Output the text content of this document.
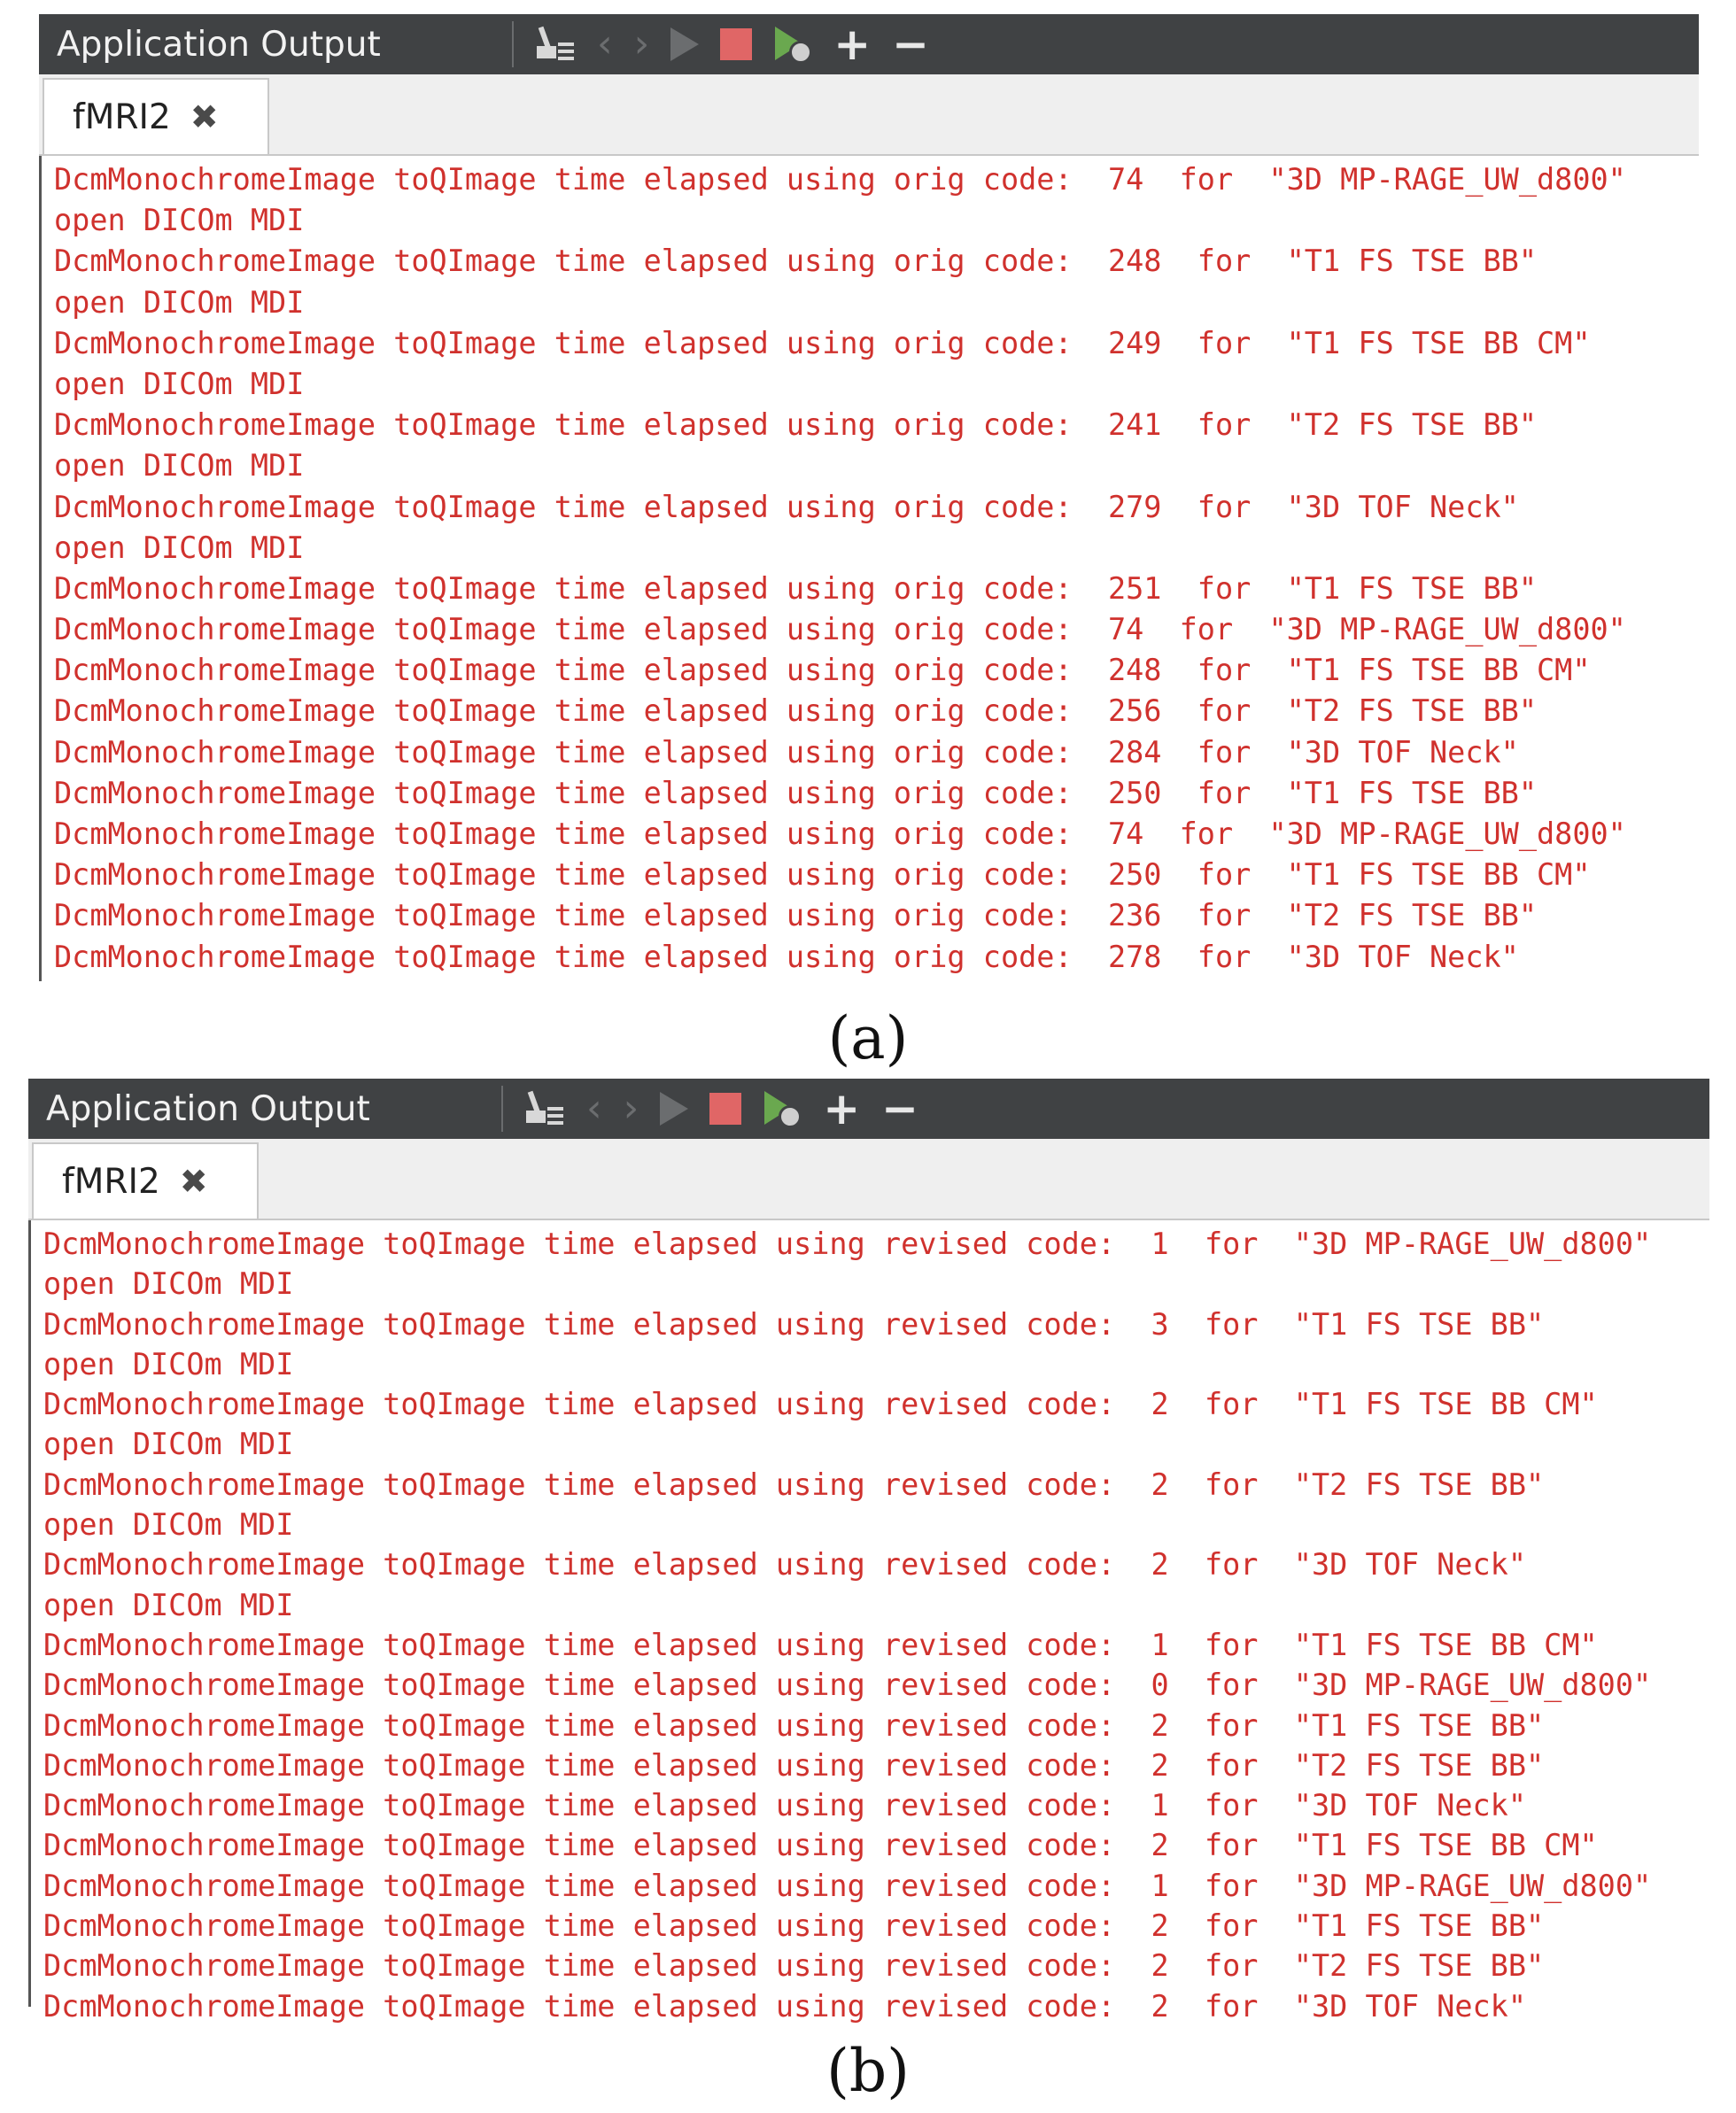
Application Output	‹ ›	+ −
fMRI2 ✖
DcmMonochromeImage toQImage time elapsed using orig code:  74  for  "3D MP-RAGE_UW_d800"
open DICOm MDI
DcmMonochromeImage toQImage time elapsed using orig code:  248  for  "T1 FS TSE BB"
open DICOm MDI
DcmMonochromeImage toQImage time elapsed using orig code:  249  for  "T1 FS TSE BB CM"
open DICOm MDI
DcmMonochromeImage toQImage time elapsed using orig code:  241  for  "T2 FS TSE BB"
open DICOm MDI
DcmMonochromeImage toQImage time elapsed using orig code:  279  for  "3D TOF Neck"
open DICOm MDI
DcmMonochromeImage toQImage time elapsed using orig code:  251  for  "T1 FS TSE BB"
DcmMonochromeImage toQImage time elapsed using orig code:  74  for  "3D MP-RAGE_UW_d800"
DcmMonochromeImage toQImage time elapsed using orig code:  248  for  "T1 FS TSE BB CM"
DcmMonochromeImage toQImage time elapsed using orig code:  256  for  "T2 FS TSE BB"
DcmMonochromeImage toQImage time elapsed using orig code:  284  for  "3D TOF Neck"
DcmMonochromeImage toQImage time elapsed using orig code:  250  for  "T1 FS TSE BB"
DcmMonochromeImage toQImage time elapsed using orig code:  74  for  "3D MP-RAGE_UW_d800"
DcmMonochromeImage toQImage time elapsed using orig code:  250  for  "T1 FS TSE BB CM"
DcmMonochromeImage toQImage time elapsed using orig code:  236  for  "T2 FS TSE BB"
DcmMonochromeImage toQImage time elapsed using orig code:  278  for  "3D TOF Neck"
(a)
Application Output	‹ ›	+ −
fMRI2 ✖
DcmMonochromeImage toQImage time elapsed using revised code:  1  for  "3D MP-RAGE_UW_d800"
open DICOm MDI
DcmMonochromeImage toQImage time elapsed using revised code:  3  for  "T1 FS TSE BB"
open DICOm MDI
DcmMonochromeImage toQImage time elapsed using revised code:  2  for  "T1 FS TSE BB CM"
open DICOm MDI
DcmMonochromeImage toQImage time elapsed using revised code:  2  for  "T2 FS TSE BB"
open DICOm MDI
DcmMonochromeImage toQImage time elapsed using revised code:  2  for  "3D TOF Neck"
open DICOm MDI
DcmMonochromeImage toQImage time elapsed using revised code:  1  for  "T1 FS TSE BB CM"
DcmMonochromeImage toQImage time elapsed using revised code:  0  for  "3D MP-RAGE_UW_d800"
DcmMonochromeImage toQImage time elapsed using revised code:  2  for  "T1 FS TSE BB"
DcmMonochromeImage toQImage time elapsed using revised code:  2  for  "T2 FS TSE BB"
DcmMonochromeImage toQImage time elapsed using revised code:  1  for  "3D TOF Neck"
DcmMonochromeImage toQImage time elapsed using revised code:  2  for  "T1 FS TSE BB CM"
DcmMonochromeImage toQImage time elapsed using revised code:  1  for  "3D MP-RAGE_UW_d800"
DcmMonochromeImage toQImage time elapsed using revised code:  2  for  "T1 FS TSE BB"
DcmMonochromeImage toQImage time elapsed using revised code:  2  for  "T2 FS TSE BB"
DcmMonochromeImage toQImage time elapsed using revised code:  2  for  "3D TOF Neck"
(b)
